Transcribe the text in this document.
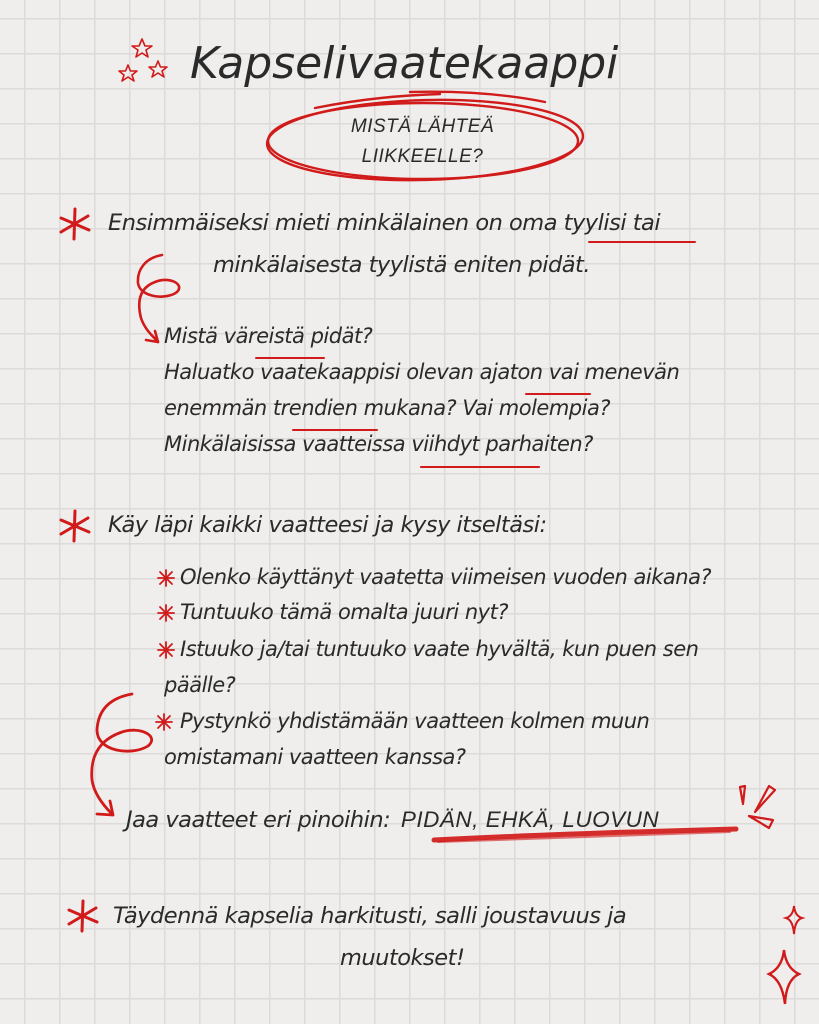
Kapselivaatekaappi
MISTÄ LÄHTEÄ
LIIKKEELLE?
Ensimmäiseksi mieti minkälainen on oma tyylisi tai
minkälaisesta tyylistä eniten pidät.
Mistä väreistä pidät?
Haluatko vaatekaappisi olevan ajaton vai menevän
enemmän trendien mukana? Vai molempia?
Minkälaisissa vaatteissa viihdyt parhaiten?
Käy läpi kaikki vaatteesi ja kysy itseltäsi:
Olenko käyttänyt vaatetta viimeisen vuoden aikana?
Tuntuuko tämä omalta juuri nyt?
Istuuko ja/tai tuntuuko vaate hyvältä, kun puen sen
päälle?
Pystynkö yhdistämään vaatteen kolmen muun
omistamani vaatteen kanssa?
Jaa vaatteet eri pinoihin: PIDÄN, EHKÄ, LUOVUN
Täydennä kapselia harkitusti, salli joustavuus ja
muutokset!
